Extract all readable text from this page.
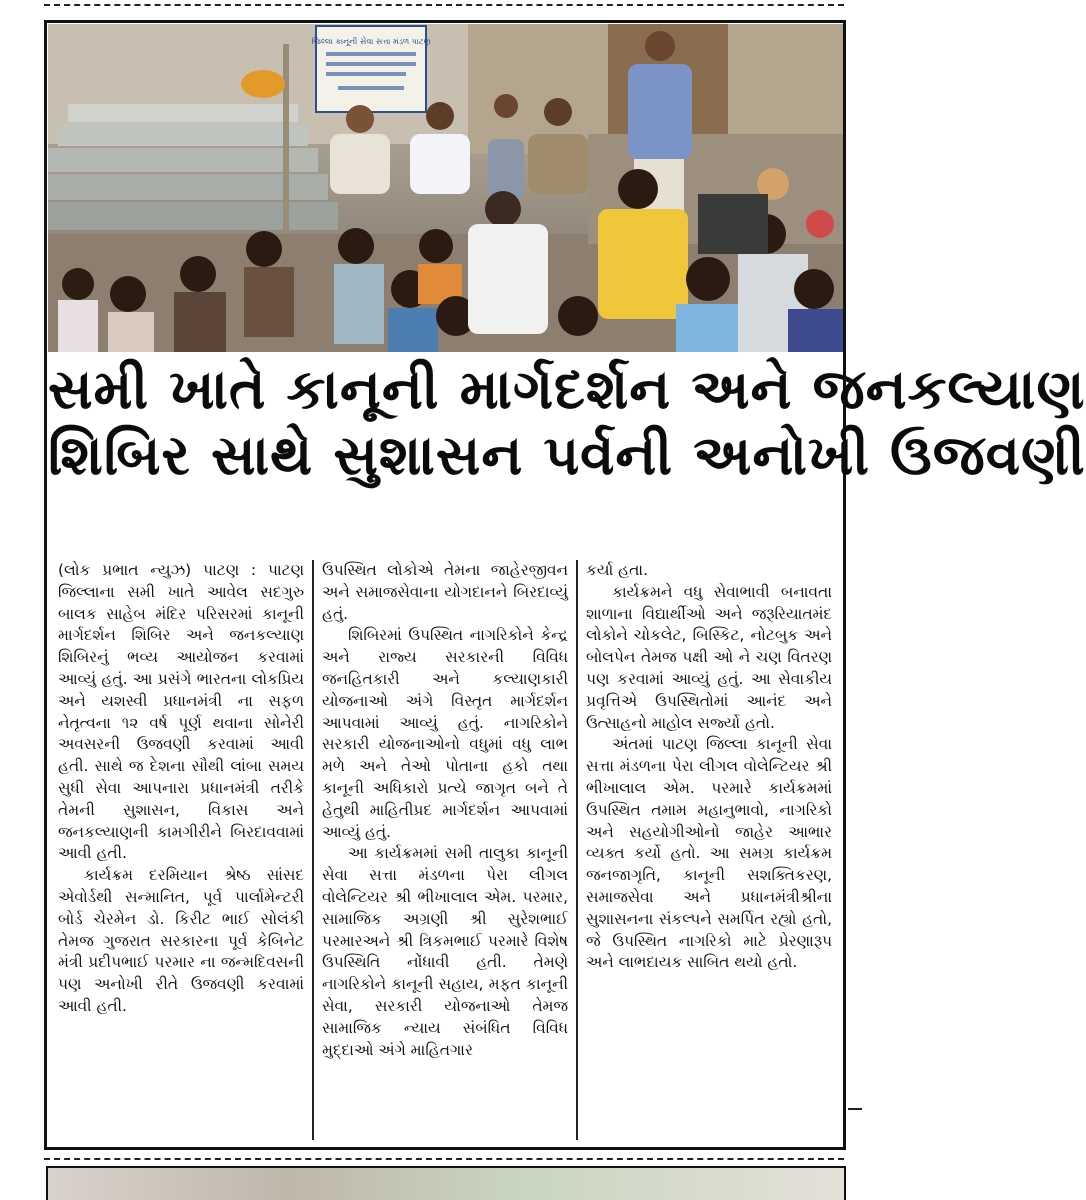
જિલ્લા કાનૂની સેવા સત્તા મંડળ પાટણ
સમી ખાતે કાનૂની માર્ગદર્શન અને જનકલ્યાણ
શિબિર સાથે સુશાસન પર્વની અનોખી ઉજવણી

(લોક પ્રભાત ન્યુઝ) પાટણ : પાટણ જિલ્લાના સમી ખાતે આવેલ સદગુરુ બાલક સાહેબ મંદિર પરિસરમાં કાનૂની માર્ગદર્શન શિબિર અને જનકલ્યાણ શિબિરનું ભવ્ય આયોજન કરવામાં આવ્યું હતું. આ પ્રસંગે ભારતના લોકપ્રિય અને યશસ્વી પ્રધાનમંત્રી ના સફળ નેતૃત્વના ૧૨ વર્ષ પૂર્ણ થવાના સોનેરી અવસરની ઉજવણી કરવામાં આવી હતી. સાથે જ દેશના સૌથી લાંબા સમય સુધી સેવા આપનારા પ્રધાનમંત્રી તરીકે તેમની સુશાસન, વિકાસ અને જનકલ્યાણની કામગીરીને બિરદાવવામાં આવી હતી.

કાર્યક્રમ દરમિયાન શ્રેષ્ઠ સાંસદ એવોર્ડથી સન્માનિત, પૂર્વ પાર્લામેન્ટરી બોર્ડ ચેરમેન ડો. કિરીટ ભાઈ સોલંકી તેમજ ગુજરાત સરકારના પૂર્વ કેબિનેટ મંત્રી પ્રદીપભાઈ પરમાર ના જન્મદિવસની પણ અનોખી રીતે ઉજવણી કરવામાં આવી હતી.

ઉપસ્થિત લોકોએ તેમના જાહેરજીવન અને સમાજસેવાના યોગદાનને બિરદાવ્યું હતું.

શિબિરમાં ઉપસ્થિત નાગરિકોને કેન્દ્ર અને રાજ્ય સરકારની વિવિધ જનહિતકારી અને કલ્યાણકારી યોજનાઓ અંગે વિસ્તૃત માર્ગદર્શન આપવામાં આવ્યું હતું. નાગરિકોને સરકારી યોજનાઓનો વધુમાં વધુ લાભ મળે અને તેઓ પોતાના હકો તથા કાનૂની અધિકારો પ્રત્યે જાગૃત બને તે હેતુથી માહિતીપ્રદ માર્ગદર્શન આપવામાં આવ્યું હતું.

આ કાર્યક્રમમાં સમી તાલુકા કાનૂની સેવા સત્તા મંડળના પેરા લીગલ વોલેન્ટિયર શ્રી ભીખાલાલ એમ. પરમાર, સામાજિક અગ્રણી શ્રી સુરેશભાઈ પરમારઅને શ્રી ત્રિકમભાઈ પરમારે વિશેષ ઉપસ્થિતિ નોંધાવી હતી. તેમણે નાગરિકોને કાનૂની સહાય, મફત કાનૂની સેવા, સરકારી યોજનાઓ તેમજ સામાજિક ન્યાય સંબંધિત વિવિધ મુદ્દાઓ અંગે માહિતગાર

કર્યા હતા.

કાર્યક્રમને વધુ સેવાભાવી બનાવતા શાળાના વિદ્યાર્થીઓ અને જરૂરિયાતમંદ લોકોને ચોકલેટ, બિસ્કિટ, નોટબુક અને બોલપેન તેમજ પક્ષી ઓ ને ચણ વિતરણ પણ કરવામાં આવ્યું હતું. આ સેવાકીય પ્રવૃત્તિએ ઉપસ્થિતોમાં આનંદ અને ઉત્સાહનો માહોલ સર્જ્યો હતો.

અંતમાં પાટણ જિલ્લા કાનૂની સેવા સત્તા મંડળના પેરા લીગલ વોલેન્ટિયર શ્રી ભીખાલાલ એમ. પરમારે કાર્યક્રમમાં ઉપસ્થિત તમામ મહાનુભાવો, નાગરિકો અને સહયોગીઓનો જાહેર આભાર વ્યક્ત કર્યો હતો. આ સમગ્ર કાર્યક્રમ જનજાગૃતિ, કાનૂની સશક્તિકરણ, સમાજસેવા અને પ્રધાનમંત્રીશ્રીના સુશાસનના સંકલ્પને સમર્પિત રહ્યો હતો, જે ઉપસ્થિત નાગરિકો માટે પ્રેરણારૂપ અને લાભદાયક સાબિત થયો હતો.
